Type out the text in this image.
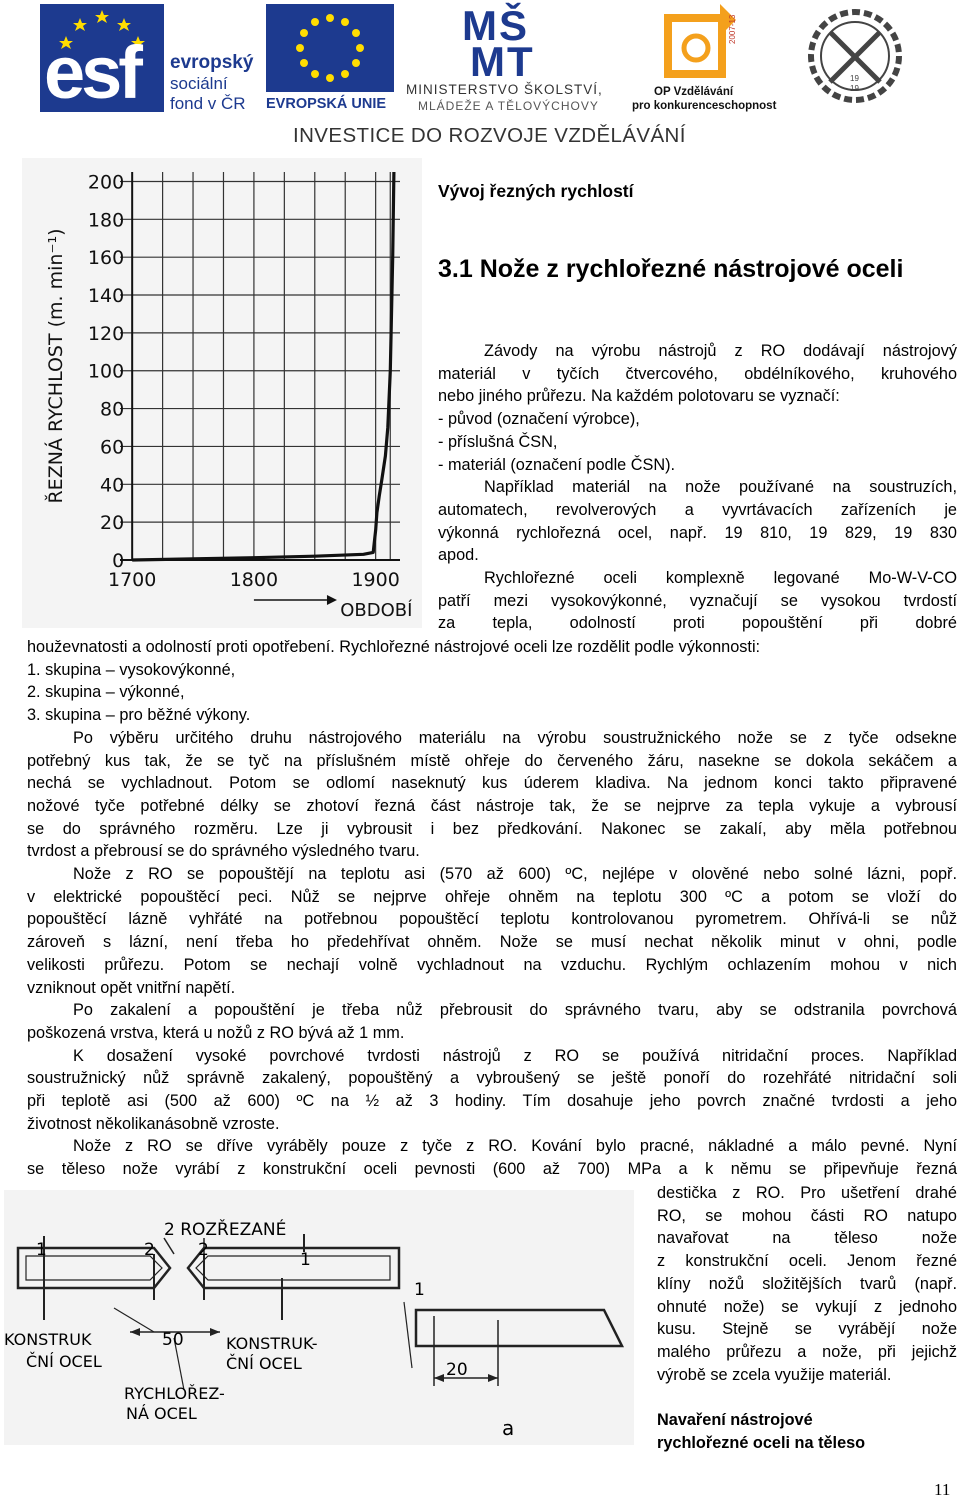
esf evropský
sociální
fond v ČR EVROPSKÁ UNIE
MŠ
MT
MINISTERSTVO ŠKOLSTVÍ,
MLÁDEŽE A TĚLOVÝCHOVY
2007-13
OP Vzdělávání
pro konkurenceschopnost
19
19
INVESTICE DO ROZVOJE VZDĚLÁVÁNÍ
0
20
40
60
80
100
120
140
160
180
200
1700	1800	1900
ŘEZNÁ RYCHLOST (m. min⁻¹)
OBDOBÍ
Vývoj řezných rychlostí
3.1 Nože z rychlořezné nástrojové oceli
Závody na výrobu nástrojů z RO dodávají nástrojový
materiál v tyčích čtvercového, obdélníkového, kruhového
nebo jiného průřezu. Na každém polotovaru se vyznačí:
- původ (označení výrobce),
- příslušná ČSN,
- materiál (označení podle ČSN).
Například materiál na nože používané na soustruzích,
automatech, revolverových a vyvrtávacích zařízeních je
výkonná rychlořezná ocel, např. 19 810, 19 829, 19 830
apod.
Rychlořezné oceli komplexně legované Mo-W-V-CO
patří mezi vysokovýkonné, vyznačují se vysokou tvrdostí
za tepla, odolností proti popouštění při dobré
houževnatosti a odolností proti opotřebení. Rychlořezné nástrojové oceli lze rozdělit podle výkonnosti:
1. skupina – vysokovýkonné,
2. skupina – výkonné,
3. skupina – pro běžné výkony.
Po výběru určitého druhu nástrojového materiálu na výrobu soustružnického nože se z tyče odsekne
potřebný kus tak, že se tyč na příslušném místě ohřeje do červeného žáru, nasekne se dokola sekáčem a
nechá se vychladnout. Potom se odlomí naseknutý kus úderem kladiva. Na jednom konci takto připravené
nožové tyče potřebné délky se zhotoví řezná část nástroje tak, že se nejprve za tepla vykuje a vybrousí
se do správného rozměru. Lze ji vybrousit i bez předkování. Nakonec se zakalí, aby měla potřebnou
tvrdost a přebrousí se do správného výsledného tvaru.
Nože z RO se popouštějí na teplotu asi (570 až 600) ºC, nejlépe v olověné nebo solné lázni, popř.
v elektrické popouštěcí peci. Nůž se nejprve ohřeje ohněm na teplotu 300 ºC a potom se vloží do
popouštěcí lázně vyhřáté na potřebnou popouštěcí teplotu kontrolovanou pyrometrem. Ohřívá-li se nůž
zároveň s lázní, není třeba ho předehřívat ohněm. Nože se musí nechat několik minut v ohni, podle
velikosti průřezu. Potom se nechají volně vychladnout na vzduchu. Rychlým ochlazením mohou v nich
vzniknout opět vnitřní napětí.
Po zakalení a popouštění je třeba nůž přebrousit do správného tvaru, aby se odstranila povrchová
poškozená vrstva, která u nožů z RO bývá až 1 mm.
K dosažení vysoké povrchové tvrdosti nástrojů z RO se používá nitridační proces. Například
soustružnický nůž správně zakalený, popouštěný a vybroušený se ještě ponoří do rozehřáté nitridační soli
při teplotě asi (500 až 600) ºC na ½ až 3 hodiny. Tím dosahuje jeho povrch značné tvrdosti a jeho
životnost několikanásobně vzroste.
Nože z RO se dříve vyráběly pouze z tyče z RO. Kování bylo pracné, nákladné a málo pevné. Nyní
se těleso nože vyrábí z konstrukční oceli pevnosti (600 až 700) MPa a k němu se připevňuje řezná
destička z RO. Pro ušetření drahé
RO, se mohou části RO natupo
navařovat na těleso nože
z konstrukční oceli. Jenom řezné
klíny nožů složitějších tvarů (např.
ohnuté nože) se vykují z jednoho
kusu. Stejně se vyrábějí nože
malého průřezu a nože, při jejichž
výrobě se zcela využije materiál.
Navaření nástrojové
rychlořezné oceli na těleso
2 ROZŘEZANÉ
1	2	2	1
1
KONSTRUK
ČNÍ OCEL
50	KONSTRUK-
ČNÍ OCEL	20
RYCHLOŘEZ-
NÁ OCEL
a
11
